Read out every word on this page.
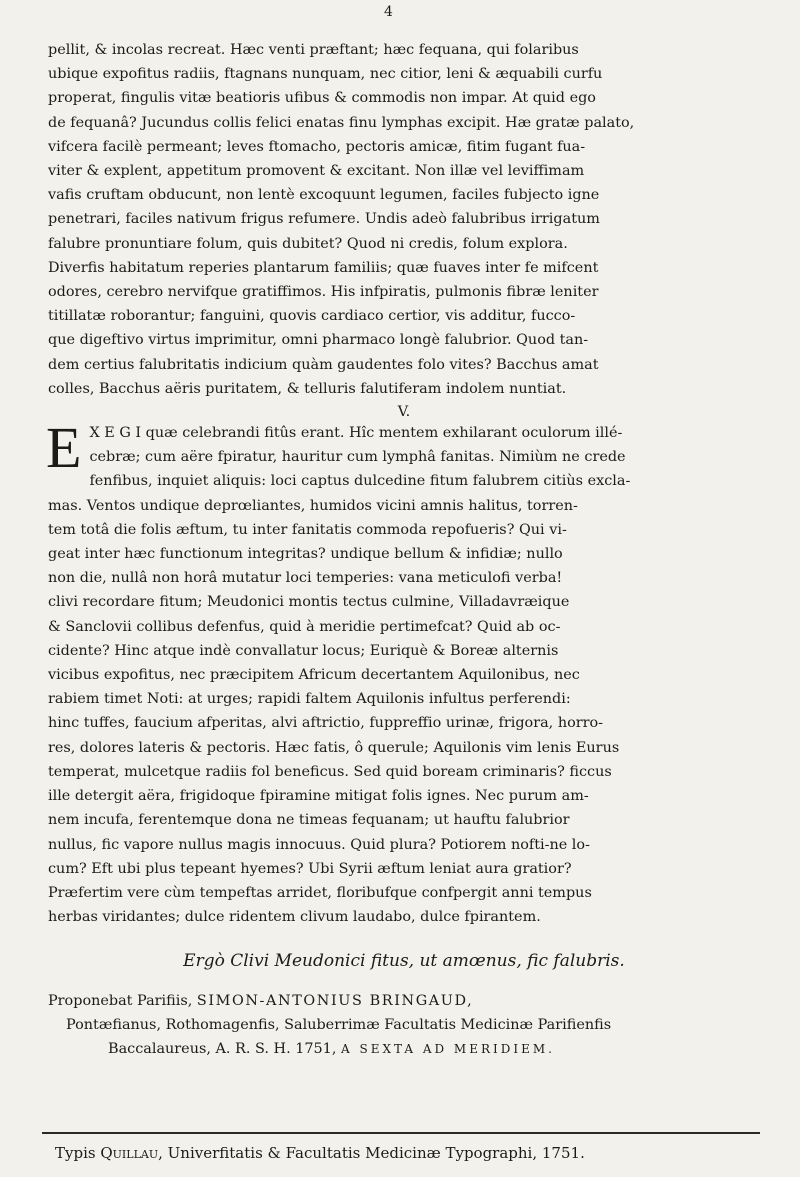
4
pellit, & incolas recreat. Hæc venti præftant; hæc fequana, qui folaribus
ubique expofitus radiis, ftagnans nunquam, nec citior, leni & æquabili curfu
properat, fingulis vitæ beatioris ufibus & commodis non impar. At quid ego
de fequanâ? Jucundus collis felici enatas finu lymphas excipit. Hæ gratæ palato,
vifcera facilè permeant; leves ftomacho, pectoris amicæ, fitim fugant fua-
viter & explent, appetitum promovent & excitant. Non illæ vel leviffimam
vafis cruftam obducunt, non lentè excoquunt legumen, faciles fubjecto igne
penetrari, faciles nativum frigus refumere. Undis adeò falubribus irrigatum
falubre pronuntiare folum, quis dubitet? Quod ni credis, folum explora.
Diverfis habitatum reperies plantarum familiis; quæ fuaves inter fe mifcent
odores, cerebro nervifque gratiffimos. His infpiratis, pulmonis fibræ leniter
titillatæ roborantur; fanguini, quovis cardiaco certior, vis additur, fucco-
que digeftivo virtus imprimitur, omni pharmaco longè falubrior. Quod tan-
dem certius falubritatis indicium quàm gaudentes folo vites? Bacchus amat
colles, Bacchus aëris puritatem, & telluris falutiferam indolem nuntiat.
V.
E X E G I quæ celebrandi fitûs erant. Hîc mentem exhilarant oculorum illé-
cebræ; cum aëre fpiratur, hauritur cum lymphâ fanitas. Nimiùm ne crede
fenfibus, inquiet aliquis: loci captus dulcedine fitum falubrem citiùs excla-
mas. Ventos undique deprœliantes, humidos vicini amnis halitus, torren-
tem totâ die folis æftum, tu inter fanitatis commoda repofueris? Qui vi-
geat inter hæc functionum integritas? undique bellum & infidiæ; nullo
non die, nullâ non horâ mutatur loci temperies: vana meticulofi verba!
clivi recordare fitum; Meudonici montis tectus culmine, Villadavræique
& Sanclovii collibus defenfus, quid à meridie pertimefcat? Quid ab oc-
cidente? Hinc atque indè convallatur locus; Euriquè & Boreæ alternis
vicibus expofitus, nec præcipitem Africum decertantem Aquilonibus, nec
rabiem timet Noti: at urges; rapidi faltem Aquilonis infultus perferendi:
hinc tuffes, faucium afperitas, alvi aftrictio, fuppreffio urinæ, frigora, horro-
res, dolores lateris & pectoris. Hæc fatis, ô querule; Aquilonis vim lenis Eurus
temperat, mulcetque radiis fol beneficus. Sed quid boream criminaris? ficcus
ille detergit aëra, frigidoque fpiramine mitigat folis ignes. Nec purum am-
nem incufa, ferentemque dona ne timeas fequanam; ut hauftu falubrior
nullus, fic vapore nullus magis innocuus. Quid plura? Potiorem nofti-ne lo-
cum? Eft ubi plus tepeant hyemes? Ubi Syrii æftum leniat aura gratior?
Præfertim vere cùm tempeftas arridet, floribufque confpergit anni tempus
herbas viridantes; dulce ridentem clivum laudabo, dulce fpirantem.
Ergò Clivi Meudonici fitus, ut amœnus, fic falubris.
Proponebat Parifiis, SIMON-ANTONIUS BRINGAUD,
Pontæfianus, Rothomagenfis, Saluberrimæ Facultatis Medicinæ Parifienfis
Baccalaureus, A. R. S. H. 1751, A SEXTA AD MERIDIEM.
Typis Quillau, Univerfitatis & Facultatis Medicinæ Typographi, 1751.
